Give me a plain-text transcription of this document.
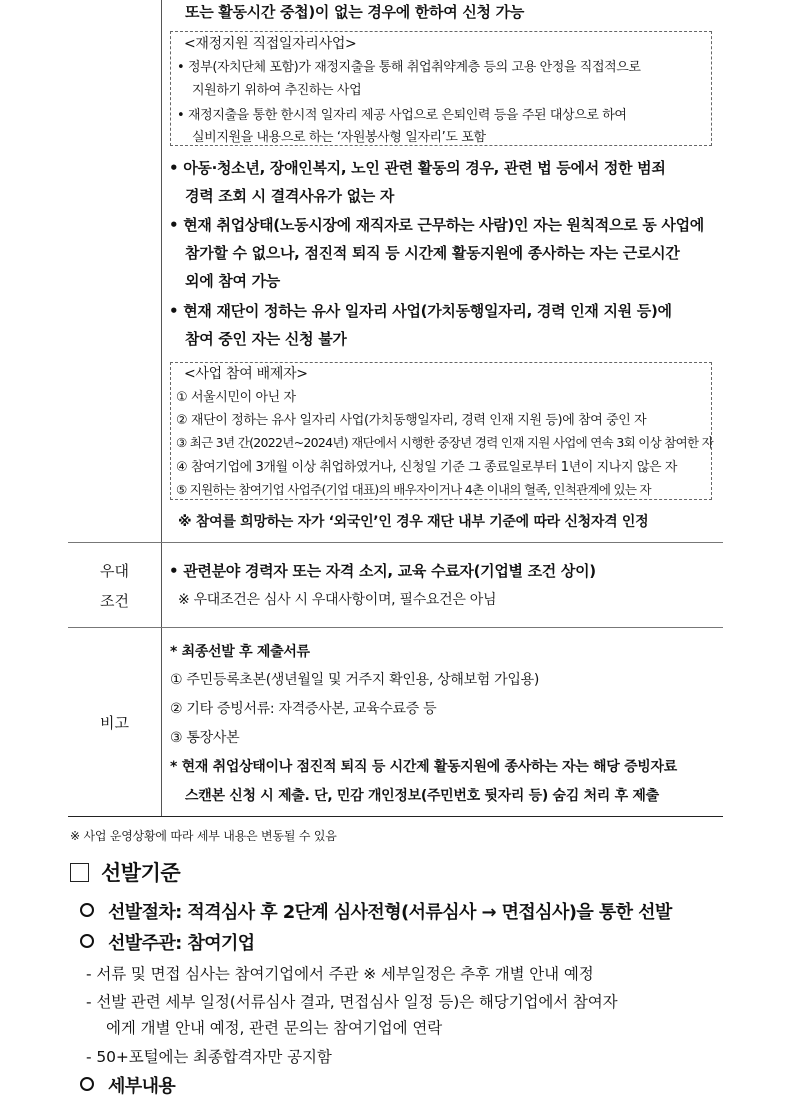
또는 활동시간 중첩)이 없는 경우에 한하여 신청 가능
<재정지원 직접일자리사업>
• 정부(자치단체 포함)가 재정지출을 통해 취업취약계층 등의 고용 안정을 직접적으로
지원하기 위하여 추진하는 사업
• 재정지출을 통한 한시적 일자리 제공 사업으로 은퇴인력 등을 주된 대상으로 하여
실비지원을 내용으로 하는 ‘자원봉사형 일자리’도 포함
• 아동·청소년, 장애인복지, 노인 관련 활동의 경우, 관련 법 등에서 정한 범죄
경력 조회 시 결격사유가 없는 자
• 현재 취업상태(노동시장에 재직자로 근무하는 사람)인 자는 원칙적으로 동 사업에
참가할 수 없으나, 점진적 퇴직 등 시간제 활동지원에 종사하는 자는 근로시간
외에 참여 가능
• 현재 재단이 정하는 유사 일자리 사업(가치동행일자리, 경력 인재 지원 등)에
참여 중인 자는 신청 불가
<사업 참여 배제자>
① 서울시민이 아닌 자
② 재단이 정하는 유사 일자리 사업(가치동행일자리, 경력 인재 지원 등)에 참여 중인 자
③ 최근 3년 간(2022년~2024년) 재단에서 시행한 중장년 경력 인재 지원 사업에 연속 3회 이상 참여한 자
④ 참여기업에 3개월 이상 취업하였거나, 신청일 기준 그 종료일로부터 1년이 지나지 않은 자
⑤ 지원하는 참여기업 사업주(기업 대표)의 배우자이거나 4촌 이내의 혈족, 인척관계에 있는 자
※ 참여를 희망하는 자가 ‘외국인’인 경우 재단 내부 기준에 따라 신청자격 인정
우대
조건
• 관련분야 경력자 또는 자격 소지, 교육 수료자(기업별 조건 상이)
※ 우대조건은 심사 시 우대사항이며, 필수요건은 아님
비고
* 최종선발 후 제출서류
① 주민등록초본(생년월일 및 거주지 확인용, 상해보험 가입용)
② 기타 증빙서류: 자격증사본, 교육수료증 등
③ 통장사본
* 현재 취업상태이나 점진적 퇴직 등 시간제 활동지원에 종사하는 자는 해당 증빙자료
스캔본 신청 시 제출. 단, 민감 개인정보(주민번호 뒷자리 등) 숨김 처리 후 제출
※ 사업 운영상황에 따라 세부 내용은 변동될 수 있음
선발기준
선발절차: 적격심사 후 2단계 심사전형(서류심사 → 면접심사)을 통한 선발
선발주관: 참여기업
- 서류 및 면접 심사는 참여기업에서 주관 ※ 세부일정은 추후 개별 안내 예정
- 선발 관련 세부 일정(서류심사 결과, 면접심사 일정 등)은 해당기업에서 참여자
에게 개별 안내 예정, 관련 문의는 참여기업에 연락
- 50+포털에는 최종합격자만 공지함
세부내용
